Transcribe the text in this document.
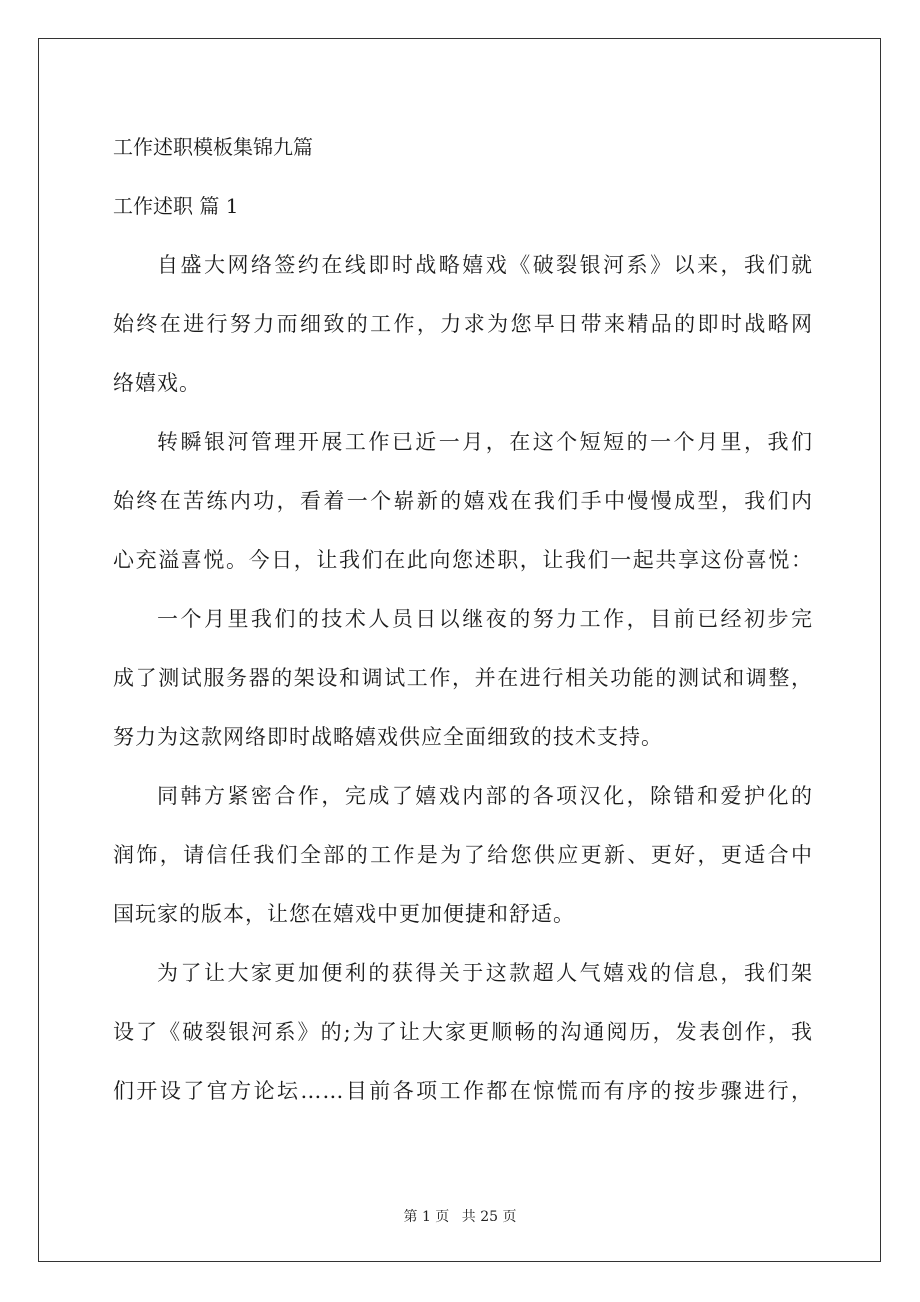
工作述职模板集锦九篇
工作述职 篇 1
自盛大网络签约在线即时战略嬉戏《破裂银河系》以来，我们就
始终在进行努力而细致的工作，力求为您早日带来精品的即时战略网
络嬉戏。
转瞬银河管理开展工作已近一月，在这个短短的一个月里，我们
始终在苦练内功，看着一个崭新的嬉戏在我们手中慢慢成型，我们内
心充溢喜悦。今日，让我们在此向您述职，让我们一起共享这份喜悦：
一个月里我们的技术人员日以继夜的努力工作，目前已经初步完
成了测试服务器的架设和调试工作，并在进行相关功能的测试和调整，
努力为这款网络即时战略嬉戏供应全面细致的技术支持。
同韩方紧密合作，完成了嬉戏内部的各项汉化，除错和爱护化的
润饰，请信任我们全部的工作是为了给您供应更新、更好，更适合中
国玩家的版本，让您在嬉戏中更加便捷和舒适。
为了让大家更加便利的获得关于这款超人气嬉戏的信息，我们架
设了《破裂银河系》的;为了让大家更顺畅的沟通阅历，发表创作，我
们开设了官方论坛……目前各项工作都在惊慌而有序的按步骤进行，
第 1 页 共 25 页
